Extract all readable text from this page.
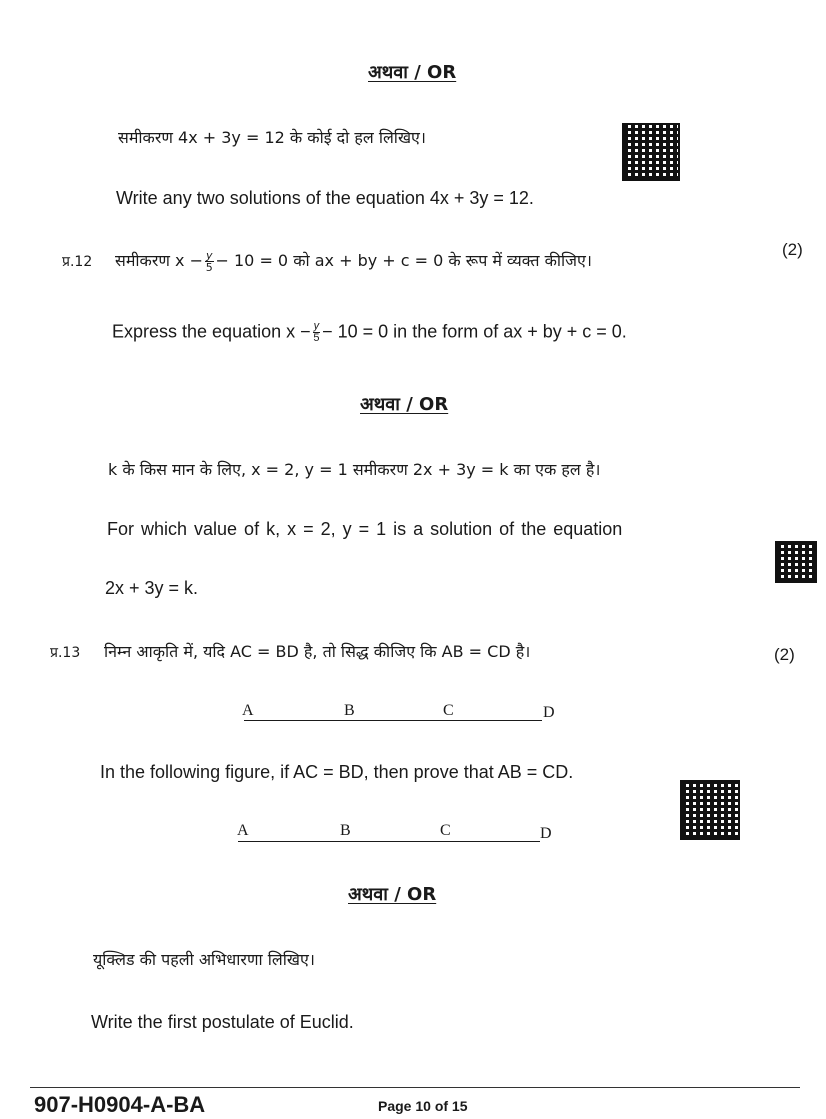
अथवा / OR
समीकरण 4x + 3y = 12 के कोई दो हल लिखिए।
Write any two solutions of the equation 4x + 3y = 12.
प्र.12 समीकरण $x - \frac{y}{5} - 10 = 0$ को ax + by + c = 0 के रूप में व्यक्त कीजिए।
(2)
Express the equation $x - \frac{y}{5} - 10 = 0$ in the form of ax + by + c = 0.
अथवा / OR
k के किस मान के लिए, x = 2, y = 1 समीकरण 2x + 3y = k का एक हल है।
For which value of k, x = 2, y = 1 is a solution of the equation
2x + 3y = k.
प्र.13 निम्न आकृति में, यदि AC = BD है, तो सिद्ध कीजिए कि AB = CD है।	(2)
A	B	C	D
In the following figure, if AC = BD, then prove that AB = CD.
A	B	C	D
अथवा / OR
यूक्लिड की पहली अभिधारणा लिखिए।
Write the first postulate of Euclid.
907-H0904-A-BA	Page 10 of 15
